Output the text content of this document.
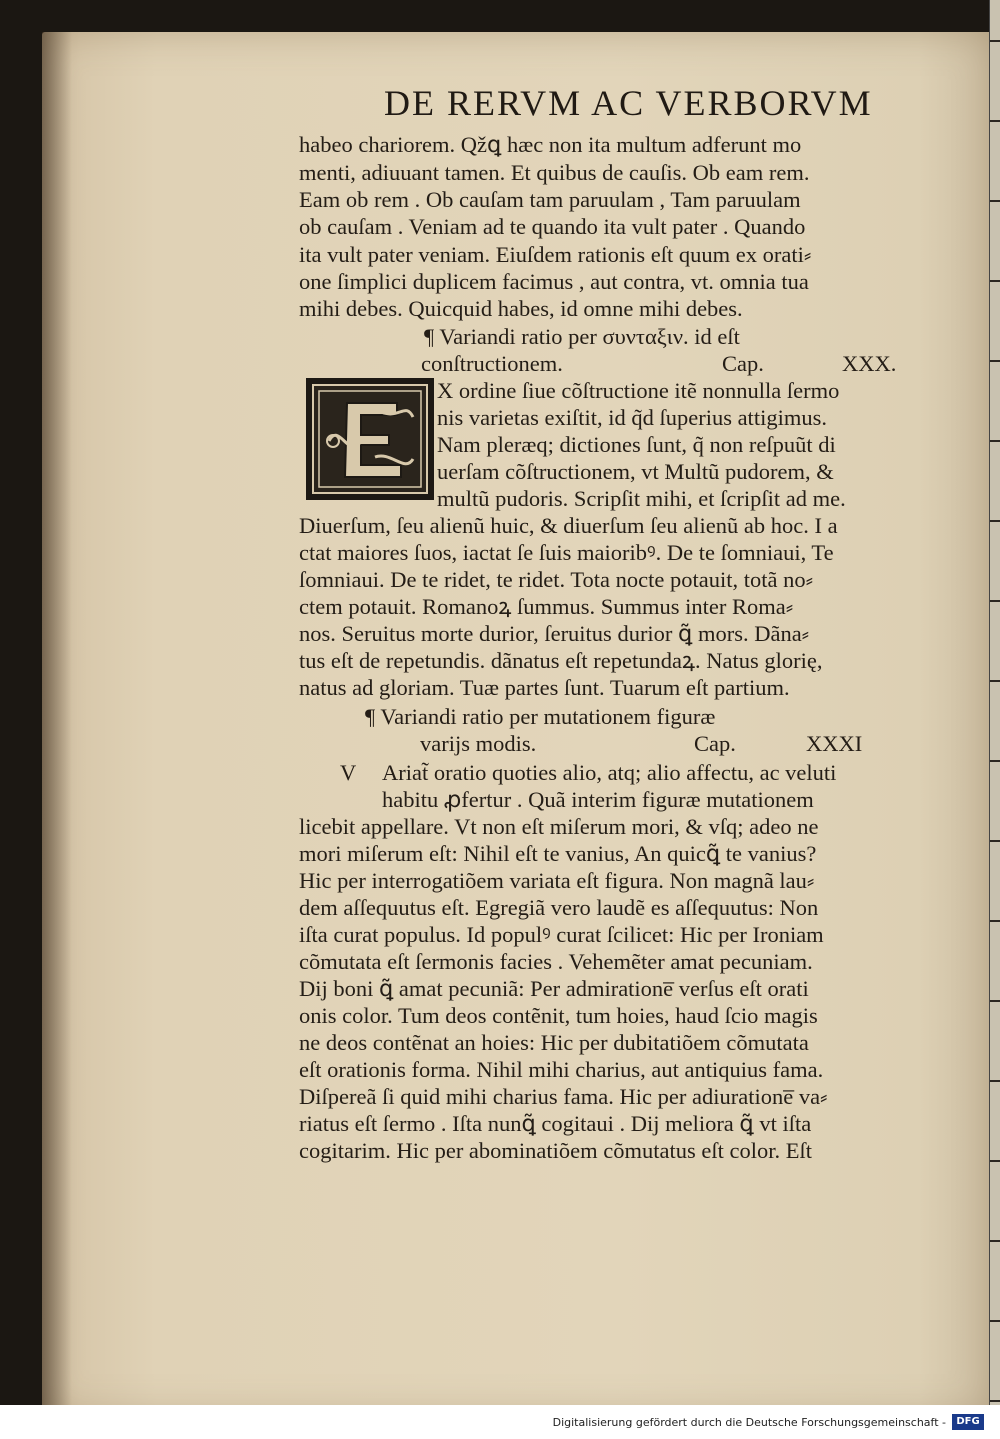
DE RERVM AC VERBORVM
habeo chariorem. Qžꝗ hæc non ita multum adferunt mo
menti, adiuuant tamen. Et quibus de cauſis. Ob eam rem.
Eam ob rem . Ob cauſam tam paruulam , Tam paruulam
ob cauſam . Veniam ad te quando ita vult pater . Quando
ita vult pater veniam. Eiuſdem rationis eſt quum ex orati⸗
one ſimplici duplicem facimus , aut contra, vt. omnia tua
mihi debes. Quicquid habes, id omne mihi debes.
¶ Variandi ratio per συνταξιν. id eſt
conſtructionem.	Cap.	XXX.
X ordine ſiue cõſtructione itẽ nonnulla ſermo
nis varietas exiſtit, id q̃d ſuperius attigimus.
Nam pleræq; dictiones ſunt, q̃ non reſpuũt di
uerſam cõſtructionem, vt Multũ pudorem, &
multũ pudoris. Scripſit mihi, et ſcripſit ad me.
Diuerſum, ſeu alienũ huic, & diuerſum ſeu alienũ ab hoc. I a
ctat maiores ſuos, iactat ſe ſuis maioribꝰ. De te ſomniaui, Te
ſomniaui. De te ridet, te ridet. Tota nocte potauit, totã no⸗
ctem potauit. Romanoꝝ ſummus. Summus inter Roma⸗
nos. Seruitus morte durior, ſeruitus durior ꝗ̃ mors. Dãna⸗
tus eſt de repetundis. dãnatus eſt repetundaꝝ. Natus glorię,
natus ad gloriam. Tuæ partes ſunt. Tuarum eſt partium.
¶ Variandi ratio per mutationem figuræ
varijs modis.	Cap.	XXXI
V Ariat̃ oratio quoties alio, atq; alio affectu, ac veluti
habitu ꝓfertur . Quã interim figuræ mutationem
licebit appellare. Vt non eſt miſerum mori, & vſq; adeo ne
mori miſerum eſt: Nihil eſt te vanius, An quicꝗ̃ te vanius?
Hic per interrogatiõem variata eſt figura. Non magnã lau⸗
dem aſſequutus eſt. Egregiã vero laudẽ es aſſequutus: Non
iſta curat populus. Id populꝰ curat ſcilicet: Hic per Ironiam
cõmutata eſt ſermonis facies . Vehemẽter amat pecuniam.
Dij boni ꝗ̃ amat pecuniã: Per admiratione̅ verſus eſt orati
onis color. Tum deos contẽnit, tum hoies, haud ſcio magis
ne deos contẽnat an hoies: Hic per dubitatiõem cõmutata
eſt orationis forma. Nihil mihi charius, aut antiquius fama.
Diſpereã ſi quid mihi charius fama. Hic per adiuratione̅ va⸗
riatus eſt ſermo . Iſta nunꝗ̃ cogitaui . Dij meliora ꝗ̃ vt iſta
cogitarim. Hic per abominatiõem cõmutatus eſt color. Eſt
Digitalisierung gefördert durch die Deutsche Forschungsgemeinschaft -	DFG
